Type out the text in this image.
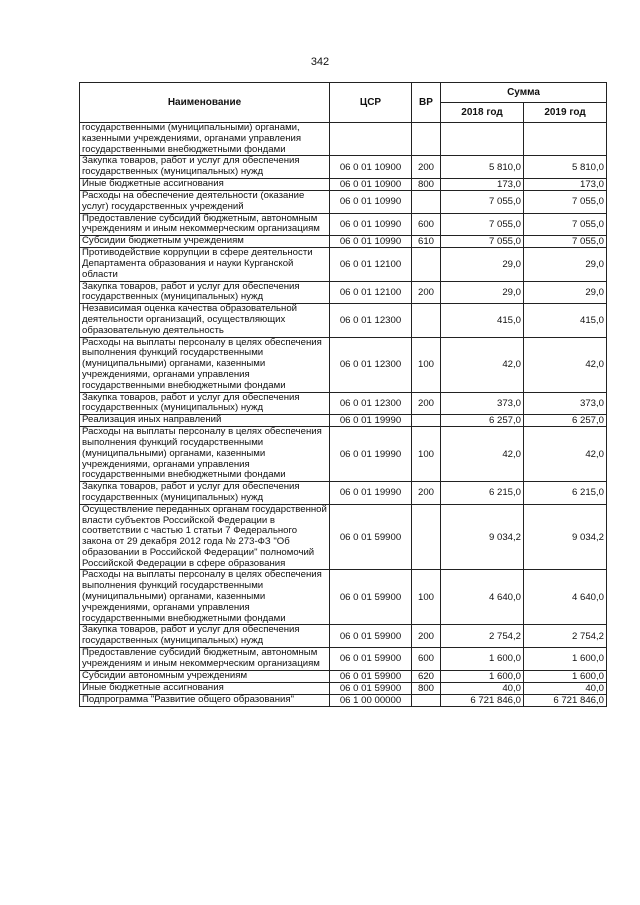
342
Наименование	ЦСР	ВР	Сумма	
			2018 год	2019 год
государственными (муниципальными) органами, казенными учреждениями, органами управления государственными внебюджетными фондами				
Закупка товаров, работ и услуг для обеспечения государственных (муниципальных) нужд	06 0 01 10900	200	5 810,0	5 810,0
Иные бюджетные ассигнования	06 0 01 10900	800	173,0	173,0
Расходы на обеспечение деятельности (оказание услуг) государственных учреждений	06 0 01 10990		7 055,0	7 055,0
Предоставление субсидий бюджетным, автономным учреждениям и иным некоммерческим организациям	06 0 01 10990	600	7 055,0	7 055,0
Субсидии бюджетным учреждениям	06 0 01 10990	610	7 055,0	7 055,0
Противодействие коррупции в сфере деятельности Департамента образования и науки Курганской области	06 0 01 12100		29,0	29,0
Закупка товаров, работ и услуг для обеспечения государственных (муниципальных) нужд	06 0 01 12100	200	29,0	29,0
Независимая оценка качества образовательной деятельности организаций, осуществляющих образовательную деятельность	06 0 01 12300		415,0	415,0
Расходы на выплаты персоналу в целях обеспечения выполнения функций государственными (муниципальными) органами, казенными учреждениями, органами управления государственными внебюджетными фондами	06 0 01 12300	100	42,0	42,0
Закупка товаров, работ и услуг для обеспечения государственных (муниципальных) нужд	06 0 01 12300	200	373,0	373,0
Реализация иных направлений	06 0 01 19990		6 257,0	6 257,0
Расходы на выплаты персоналу в целях обеспечения выполнения функций государственными (муниципальными) органами, казенными учреждениями, органами управления государственными внебюджетными фондами	06 0 01 19990	100	42,0	42,0
Закупка товаров, работ и услуг для обеспечения государственных (муниципальных) нужд	06 0 01 19990	200	6 215,0	6 215,0
Осуществление переданных органам государственной власти субъектов Российской Федерации в соответствии с частью 1 статьи 7 Федерального закона от 29 декабря 2012 года № 273-ФЗ "Об образовании в Российской Федерации" полномочий Российской Федерации в сфере образования	06 0 01 59900		9 034,2	9 034,2
Расходы на выплаты персоналу в целях обеспечения выполнения функций государственными (муниципальными) органами, казенными учреждениями, органами управления государственными внебюджетными фондами	06 0 01 59900	100	4 640,0	4 640,0
Закупка товаров, работ и услуг для обеспечения государственных (муниципальных) нужд	06 0 01 59900	200	2 754,2	2 754,2
Предоставление субсидий бюджетным, автономным учреждениям и иным некоммерческим организациям	06 0 01 59900	600	1 600,0	1 600,0
Субсидии автономным учреждениям	06 0 01 59900	620	1 600,0	1 600,0
Иные бюджетные ассигнования	06 0 01 59900	800	40,0	40,0
Подпрограмма "Развитие общего образования"	06 1 00 00000		6 721 846,0	6 721 846,0
